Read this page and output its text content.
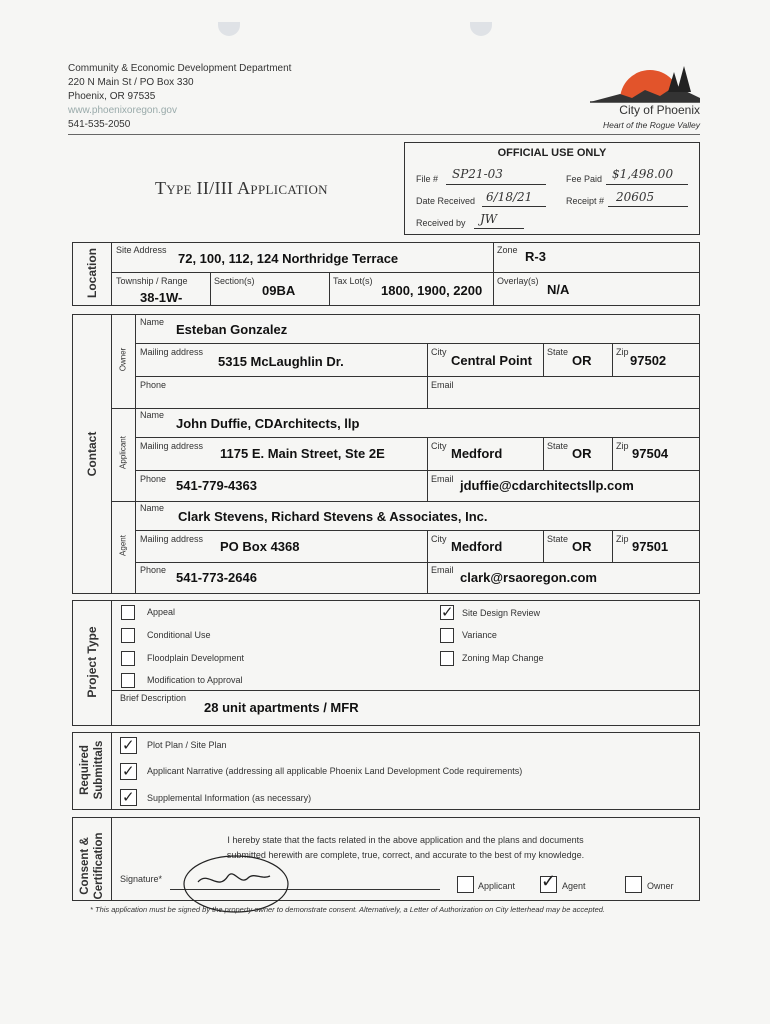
Community & Economic Development Department
220 N Main St / PO Box 330
Phoenix, OR 97535
www.phoenixoregon.gov
541-535-2050
City of Phoenix
Heart of the Rogue Valley
Type II/III Application
OFFICIAL USE ONLY
File # SP21-03	Fee Paid $1,498.00
Date Received 6/18/21	Receipt # 20605
Received by JW
Location Site Address
72, 100, 112, 124 Northridge Terrace
Zone R-3
Township / Range
38-1W-
Section(s)
09BA
Tax Lot(s)
1800, 1900, 2200
Overlay(s)
N/A
Contact
Owner
Name Esteban Gonzalez
Mailing address
5315 McLaughlin Dr.
City
Central Point
State
OR
Zip
97502
Phone	Email
Applicant
Name
John Duffie, CDArchitects, llp
Mailing address 1175 E. Main Street, Ste 2E	City Medford	State OR	Zip 97504
Phone 541-779-4363	Email jduffie@cdarchitectsllp.com
Agent
Name
Clark Stevens, Richard Stevens & Associates, Inc.
Mailing address PO Box 4368	City Medford	State OR	Zip 97501
Phone 541-773-2646	Email clark@rsaoregon.com
Project Type
Appeal
Conditional Use
Floodplain Development
Modification to Approval
✓ Site Design Review
Variance
Zoning Map Change
Brief Description
28 unit apartments / MFR
Required Submittals ✓ Plot Plan / Site Plan
✓ Applicant Narrative (addressing all applicable Phoenix Land Development Code requirements)
✓ Supplemental Information (as necessary)
Consent & Certification	I hereby state that the facts related in the above application and the plans and documents
submitted herewith are complete, true, correct, and accurate to the best of my knowledge.
Signature*
Applicant ✓ Agent	Owner
* This application must be signed by the property owner to demonstrate consent. Alternatively, a Letter of Authorization on City letterhead may be accepted.
